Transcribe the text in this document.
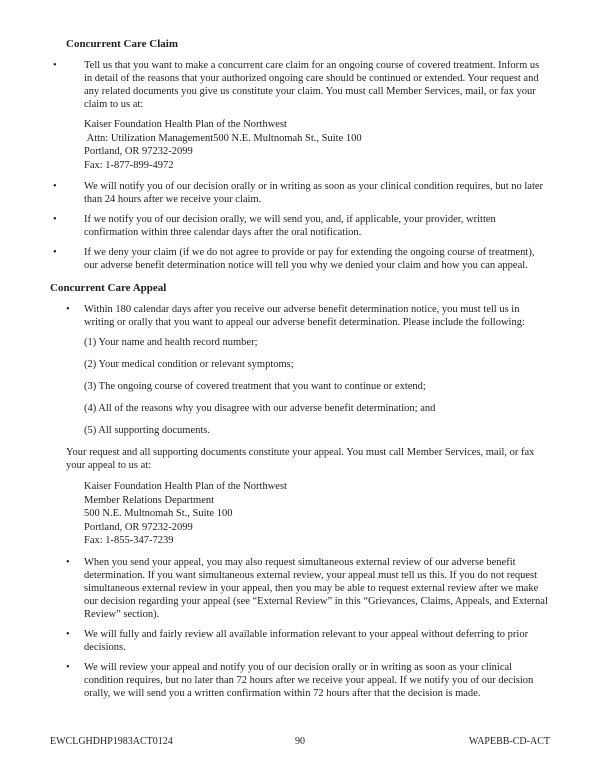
Concurrent Care Claim
•	Tell us that you want to make a concurrent care claim for an ongoing course of covered treatment. Inform us in detail of the reasons that your authorized ongoing care should be continued or extended. Your request and any related documents you give us constitute your claim. You must call Member Services, mail, or fax your claim to us at:
Kaiser Foundation Health Plan of the Northwest
Attn: Utilization Management500 N.E. Multnomah St., Suite 100
Portland, OR 97232-2099
Fax: 1-877-899-4972
•	We will notify you of our decision orally or in writing as soon as your clinical condition requires, but no later than 24 hours after we receive your claim.
•	If we notify you of our decision orally, we will send you, and, if applicable, your provider, written confirmation within three calendar days after the oral notification.
•	If we deny your claim (if we do not agree to provide or pay for extending the ongoing course of treatment), our adverse benefit determination notice will tell you why we denied your claim and how you can appeal.
Concurrent Care Appeal
• Within 180 calendar days after you receive our adverse benefit determination notice, you must tell us in writing or orally that you want to appeal our adverse benefit determination. Please include the following:
(1) Your name and health record number;
(2) Your medical condition or relevant symptoms;
(3) The ongoing course of covered treatment that you want to continue or extend;
(4) All of the reasons why you disagree with our adverse benefit determination; and
(5) All supporting documents.

Your request and all supporting documents constitute your appeal. You must call Member Services, mail, or fax your appeal to us at:

Kaiser Foundation Health Plan of the Northwest
Member Relations Department
500 N.E. Multnomah St., Suite 100
Portland, OR 97232-2099
Fax: 1-855-347-7239
• When you send your appeal, you may also request simultaneous external review of our adverse benefit determination. If you want simultaneous external review, your appeal must tell us this. If you do not request simultaneous external review in your appeal, then you may be able to request external review after we make our decision regarding your appeal (see “External Review” in this “Grievances, Claims, Appeals, and External Review” section).
• We will fully and fairly review all available information relevant to your appeal without deferring to prior decisions.
• We will review your appeal and notify you of our decision orally or in writing as soon as your clinical condition requires, but no later than 72 hours after we receive your appeal. If we notify you of our decision orally, we will send you a written confirmation within 72 hours after that the decision is made.
EWCLGHDHP1983ACT0124	90	WAPEBB-CD-ACT
